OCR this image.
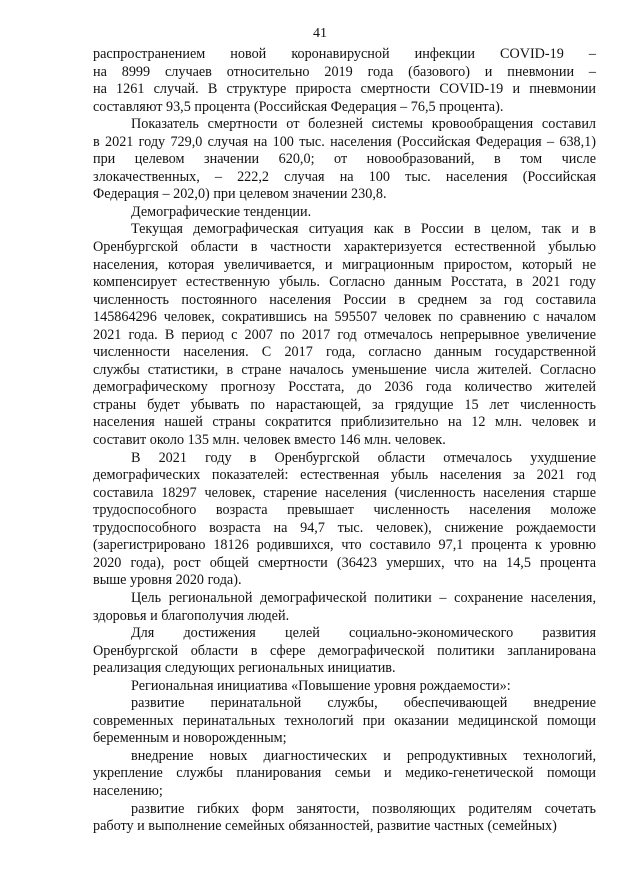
41
распространением новой коронавирусной инфекции COVID-19 –
на 8999 случаев относительно 2019 года (базового) и пневмонии –
на 1261 случай. В структуре прироста смертности COVID-19 и пневмонии
составляют 93,5 процента (Российская Федерация – 76,5 процента).
Показатель смертности от болезней системы кровообращения составил
в 2021 году 729,0 случая на 100 тыс. населения (Российская Федерация – 638,1)
при целевом значении 620,0; от новообразований, в том числе
злокачественных, – 222,2 случая на 100 тыс. населения (Российская
Федерация – 202,0) при целевом значении 230,8.
Демографические тенденции.
Текущая демографическая ситуация как в России в целом, так и в
Оренбургской области в частности характеризуется естественной убылью
населения, которая увеличивается, и миграционным приростом, который не
компенсирует естественную убыль. Согласно данным Росстата, в 2021 году
численность постоянного населения России в среднем за год составила
145864296 человек, сократившись на 595507 человек по сравнению с началом
2021 года. В период с 2007 по 2017 год отмечалось непрерывное увеличение
численности населения. С 2017 года, согласно данным государственной
службы статистики, в стране началось уменьшение числа жителей. Согласно
демографическому прогнозу Росстата, до 2036 года количество жителей
страны будет убывать по нарастающей, за грядущие 15 лет численность
населения нашей страны сократится приблизительно на 12 млн. человек и
составит около 135 млн. человек вместо 146 млн. человек.
В 2021 году в Оренбургской области отмечалось ухудшение
демографических показателей: естественная убыль населения за 2021 год
составила 18297 человек, старение населения (численность населения старше
трудоспособного возраста превышает численность населения моложе
трудоспособного возраста на 94,7 тыс. человек), снижение рождаемости
(зарегистрировано 18126 родившихся, что составило 97,1 процента к уровню
2020 года), рост общей смертности (36423 умерших, что на 14,5 процента
выше уровня 2020 года).
Цель региональной демографической политики – сохранение населения,
здоровья и благополучия людей.
Для достижения целей социально-экономического развития
Оренбургской области в сфере демографической политики запланирована
реализация следующих региональных инициатив.
Региональная инициатива «Повышение уровня рождаемости»:
развитие перинатальной службы, обеспечивающей внедрение
современных перинатальных технологий при оказании медицинской помощи
беременным и новорожденным;
внедрение новых диагностических и репродуктивных технологий,
укрепление службы планирования семьи и медико-генетической помощи
населению;
развитие гибких форм занятости, позволяющих родителям сочетать
работу и выполнение семейных обязанностей, развитие частных (семейных)
